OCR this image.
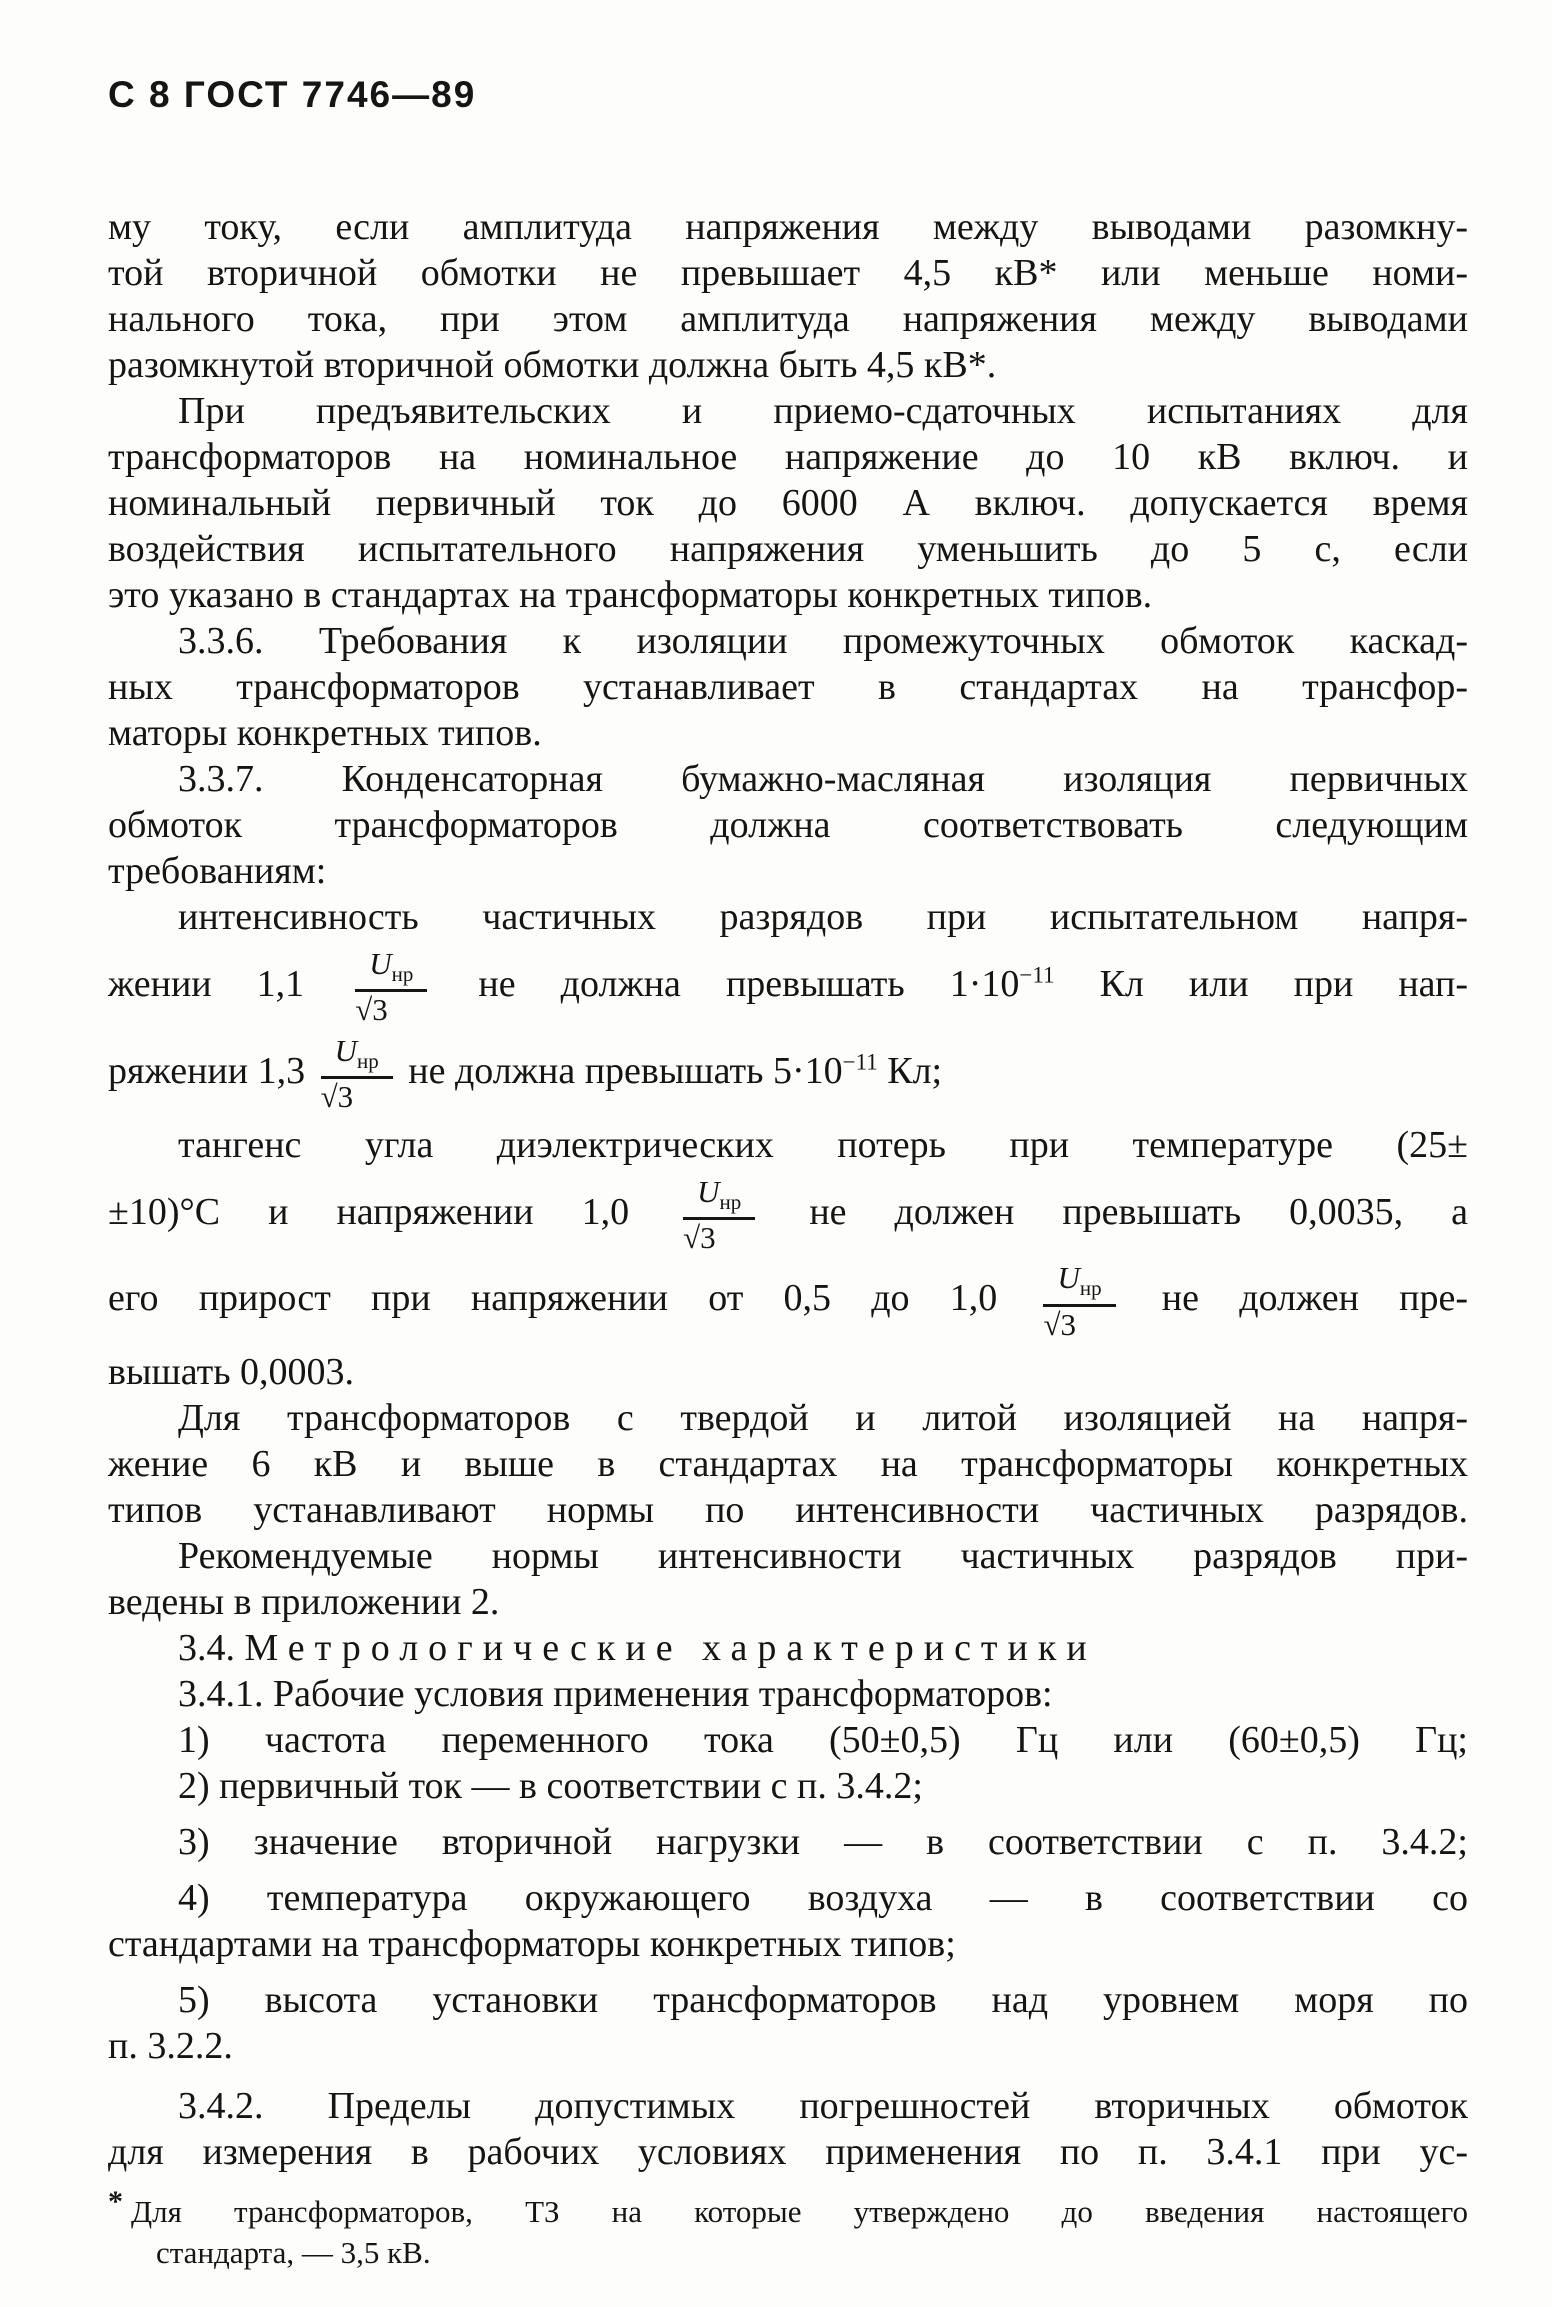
С 8 ГОСТ 7746—89
му току, если амплитуда напряжения между выводами разомкну-
той вторичной обмотки не превышает 4,5 кВ* или меньше номи-
нального тока, при этом амплитуда напряжения между выводами
разомкнутой вторичной обмотки должна быть 4,5 кВ*.
При предъявительских и приемо-сдаточных испытаниях для
трансформаторов на номинальное напряжение до 10 кВ включ. и
номинальный первичный ток до 6000 А включ. допускается время
воздействия испытательного напряжения уменьшить до 5 с, если
это указано в стандартах на трансформаторы конкретных типов.
3.3.6. Требования к изоляции промежуточных обмоток каскад-
ных трансформаторов устанавливает в стандартах на трансфор-
маторы конкретных типов.
3.3.7. Конденсаторная бумажно-масляная изоляция первичных
обмоток трансформаторов должна соответствовать следующим
требованиям:
интенсивность частичных разрядов при испытательном напря-
жении $1,1 \frac{U_{нр}}{√3}$ не должна превышать $1\cdot 10^{-11}$ Кл или при нап-
ряжении $1,3 \frac{U_{нр}}{√3}$ не должна превышать $5\cdot 10^{-11}$ Кл;
тангенс угла диэлектрических потерь при температуре (25±
±10)°С и напряжении $1,0 \frac{U_{нр}}{√3}$ не должен превышать 0,0035, а
его прирост при напряжении от 0,5 до $1,0 \frac{U_{нр}}{√3}$ не должен пре-
вышать 0,0003.
Для трансформаторов с твердой и литой изоляцией на напря-
жение 6 кВ и выше в стандартах на трансформаторы конкретных
типов устанавливают нормы по интенсивности частичных разрядов.
Рекомендуемые нормы интенсивности частичных разрядов при-
ведены в приложении 2.
3.4. Метрологические характеристики
3.4.1. Рабочие условия применения трансформаторов:
1) частота переменного тока (50±0,5) Гц или (60±0,5) Гц;
2) первичный ток — в соответствии с п. 3.4.2;
3) значение вторичной нагрузки — в соответствии с п. 3.4.2;
4) температура окружающего воздуха — в соответствии со
стандартами на трансформаторы конкретных типов;
5) высота установки трансформаторов над уровнем моря по
п. 3.2.2.
3.4.2. Пределы допустимых погрешностей вторичных обмоток
для измерения в рабочих условиях применения по п. 3.4.1 при ус-
* Для трансформаторов, ТЗ на которые утверждено до введения настоящего
стандарта, — 3,5 кВ.
